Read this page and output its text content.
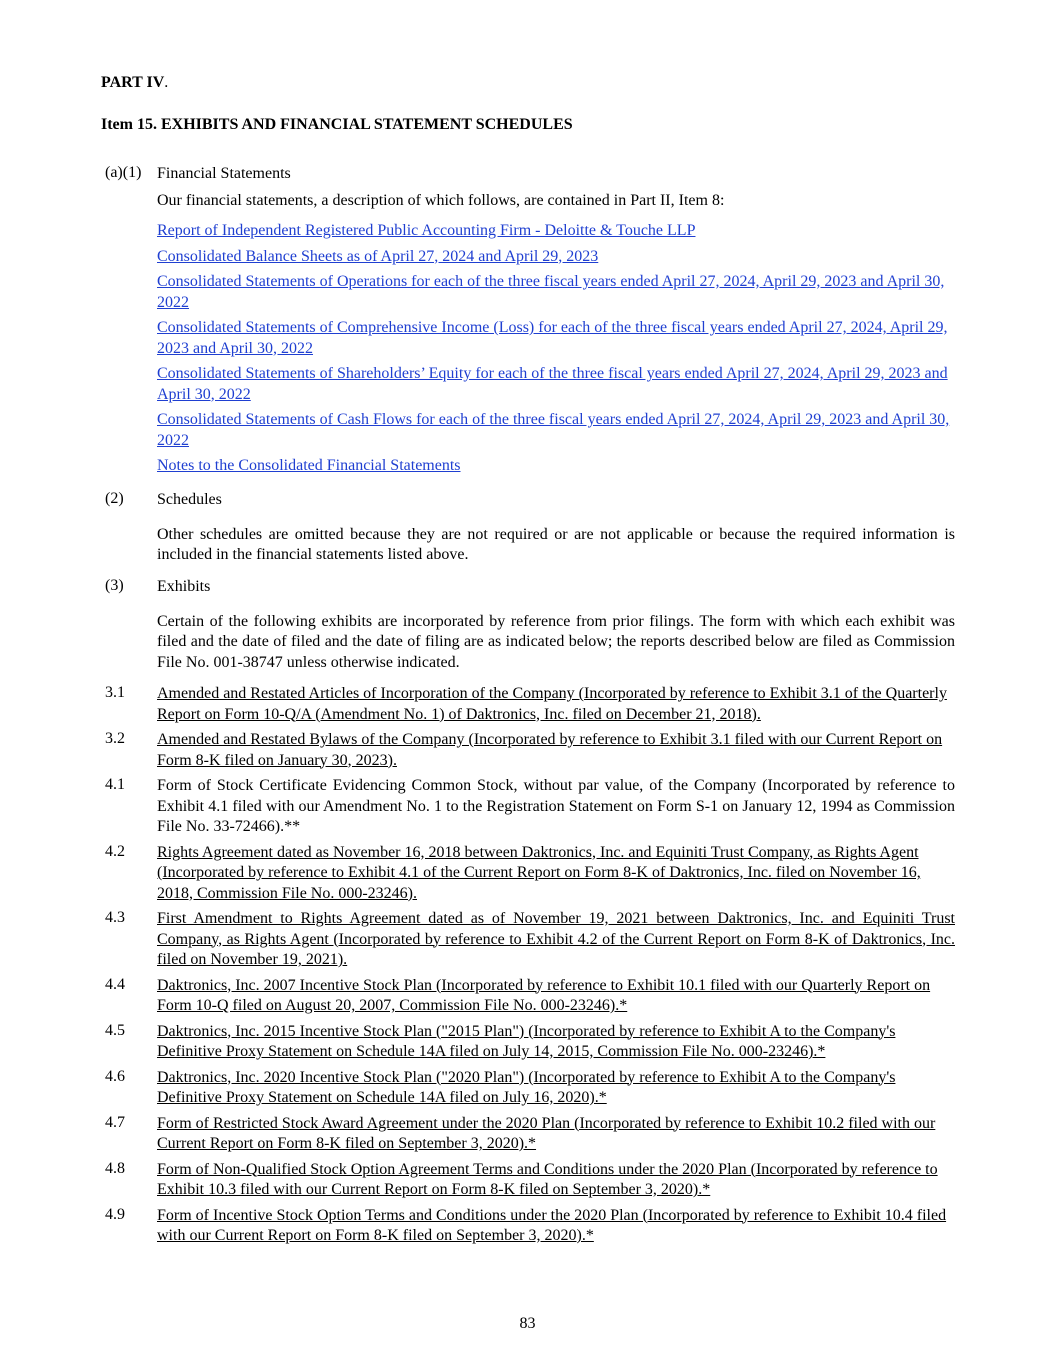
PART IV.
Item 15. EXHIBITS AND FINANCIAL STATEMENT SCHEDULES
(a)(1) Financial Statements
Our financial statements, a description of which follows, are contained in Part II, Item 8:
Report of Independent Registered Public Accounting Firm - Deloitte & Touche LLP
Consolidated Balance Sheets as of April 27, 2024 and April 29, 2023
Consolidated Statements of Operations for each of the three fiscal years ended April 27, 2024, April 29, 2023 and April 30, 2022
Consolidated Statements of Comprehensive Income (Loss) for each of the three fiscal years ended April 27, 2024, April 29, 2023 and April 30, 2022
Consolidated Statements of Shareholders’ Equity for each of the three fiscal years ended April 27, 2024, April 29, 2023 and April 30, 2022
Consolidated Statements of Cash Flows for each of the three fiscal years ended April 27, 2024, April 29, 2023 and April 30, 2022
Notes to the Consolidated Financial Statements
(2)	Schedules
Other schedules are omitted because they are not required or are not applicable or because the required information is included in the financial statements listed above.
(3)	Exhibits
Certain of the following exhibits are incorporated by reference from prior filings. The form with which each exhibit was filed and the date of filed and the date of filing are as indicated below; the reports described below are filed as Commission File No. 001-38747 unless otherwise indicated.
3.1	Amended and Restated Articles of Incorporation of the Company (Incorporated by reference to Exhibit 3.1 of the Quarterly Report on Form 10-Q/A (Amendment No. 1) of Daktronics, Inc. filed on December 21, 2018).
3.2	Amended and Restated Bylaws of the Company (Incorporated by reference to Exhibit 3.1 filed with our Current Report on Form 8-K filed on January 30, 2023).
4.1	Form of Stock Certificate Evidencing Common Stock, without par value, of the Company (Incorporated by reference to Exhibit 4.1 filed with our Amendment No. 1 to the Registration Statement on Form S-1 on January 12, 1994 as Commission File No. 33-72466).**
4.2	Rights Agreement dated as November 16, 2018 between Daktronics, Inc. and Equiniti Trust Company, as Rights Agent (Incorporated by reference to Exhibit 4.1 of the Current Report on Form 8-K of Daktronics, Inc. filed on November 16, 2018, Commission File No. 000-23246).
4.3	First Amendment to Rights Agreement dated as of November 19, 2021 between Daktronics, Inc. and Equiniti Trust Company, as Rights Agent (Incorporated by reference to Exhibit 4.2 of the Current Report on Form 8-K of Daktronics, Inc. filed on November 19, 2021).
4.4	Daktronics, Inc. 2007 Incentive Stock Plan (Incorporated by reference to Exhibit 10.1 filed with our Quarterly Report on Form 10-Q filed on August 20, 2007, Commission File No. 000-23246).*
4.5	Daktronics, Inc. 2015 Incentive Stock Plan ("2015 Plan") (Incorporated by reference to Exhibit A to the Company's Definitive Proxy Statement on Schedule 14A filed on July 14, 2015, Commission File No. 000-23246).*
4.6	Daktronics, Inc. 2020 Incentive Stock Plan ("2020 Plan") (Incorporated by reference to Exhibit A to the Company's Definitive Proxy Statement on Schedule 14A filed on July 16, 2020).*
4.7	Form of Restricted Stock Award Agreement under the 2020 Plan (Incorporated by reference to Exhibit 10.2 filed with our Current Report on Form 8-K filed on September 3, 2020).*
4.8	Form of Non-Qualified Stock Option Agreement Terms and Conditions under the 2020 Plan (Incorporated by reference to Exhibit 10.3 filed with our Current Report on Form 8-K filed on September 3, 2020).*
4.9	Form of Incentive Stock Option Terms and Conditions under the 2020 Plan (Incorporated by reference to Exhibit 10.4 filed with our Current Report on Form 8-K filed on September 3, 2020).*
83
